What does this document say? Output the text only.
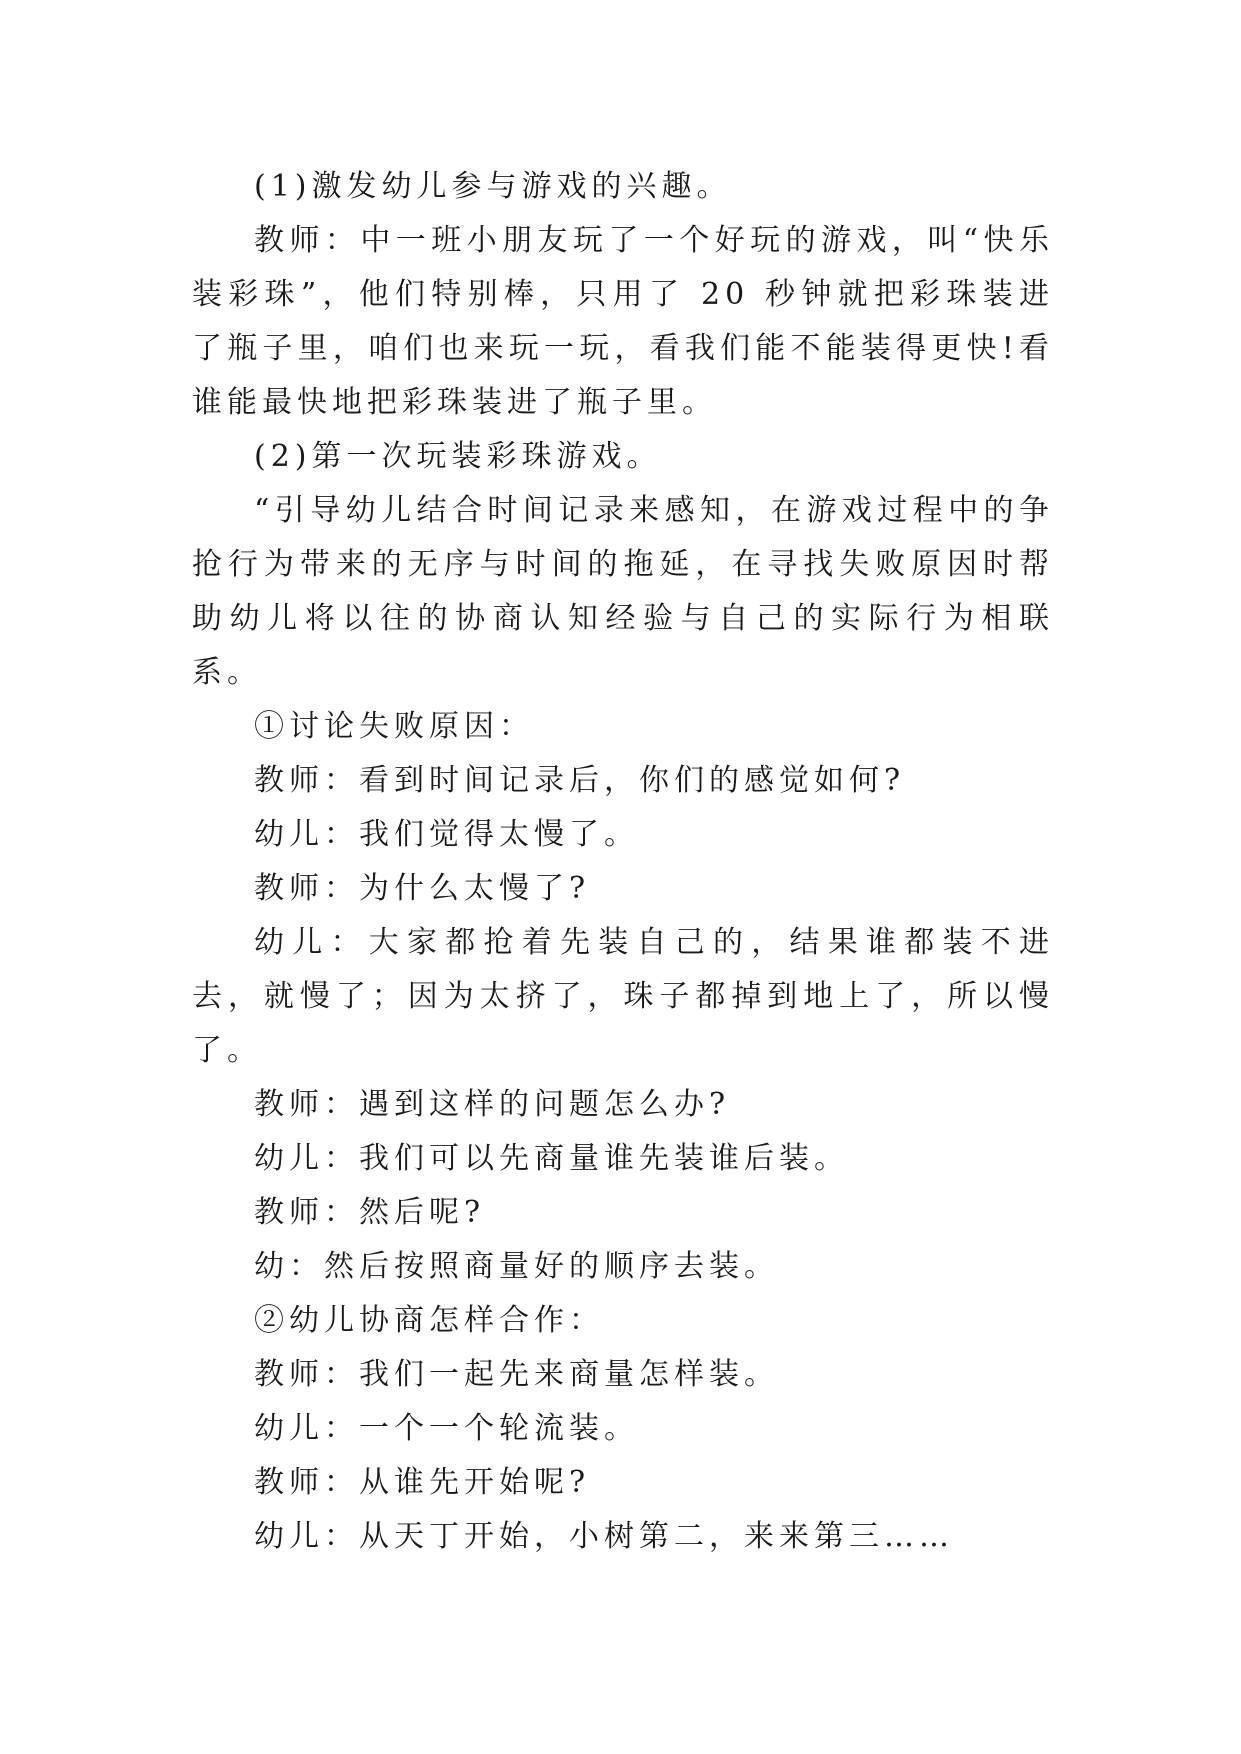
(1)激发幼儿参与游戏的兴趣。

教师：中一班小朋友玩了一个好玩的游戏，叫“快乐装彩珠”，他们特别棒，只用了 20 秒钟就把彩珠装进了瓶子里，咱们也来玩一玩，看我们能不能装得更快!看谁能最快地把彩珠装进了瓶子里。

(2)第一次玩装彩珠游戏。

“引导幼儿结合时间记录来感知，在游戏过程中的争抢行为带来的无序与时间的拖延，在寻找失败原因时帮助幼儿将以往的协商认知经验与自己的实际行为相联系。

①讨论失败原因：

教师：看到时间记录后，你们的感觉如何?

幼儿：我们觉得太慢了。

教师：为什么太慢了?

幼儿：大家都抢着先装自己的，结果谁都装不进去，就慢了；因为太挤了，珠子都掉到地上了，所以慢了。

教师：遇到这样的问题怎么办?

幼儿：我们可以先商量谁先装谁后装。

教师：然后呢?

幼：然后按照商量好的顺序去装。

②幼儿协商怎样合作：

教师：我们一起先来商量怎样装。

幼儿：一个一个轮流装。

教师：从谁先开始呢?

幼儿：从天丁开始，小树第二，来来第三……
